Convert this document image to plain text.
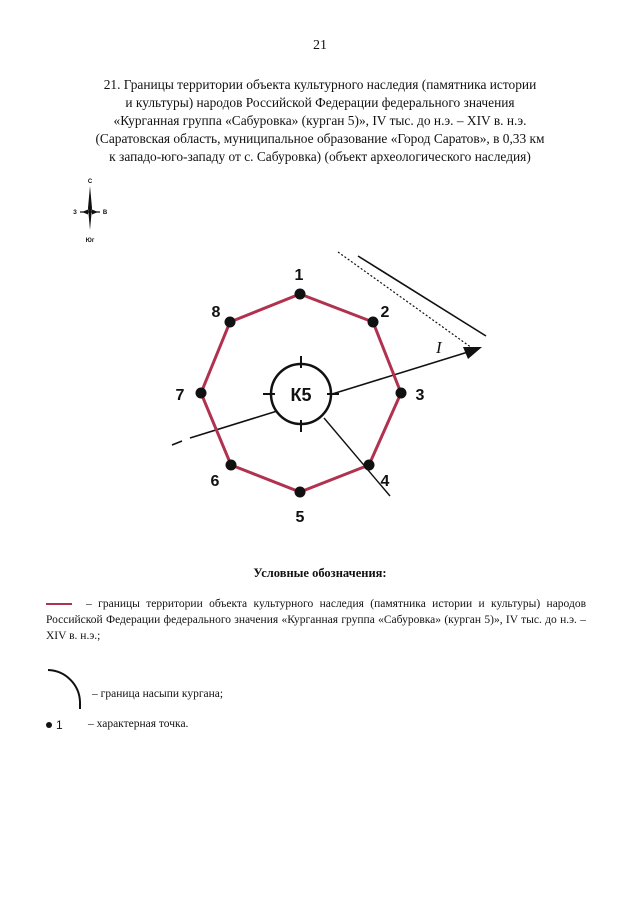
21
21. Границы территории объекта культурного наследия (памятника истории
и культуры) народов Российской Федерации федерального значения
«Курганная группа «Сабуровка» (курган 5)», IV тыс. до н.э. – XIV в. н.э.
(Саратовская область, муниципальное образование «Город Саратов», в 0,33 км
к западо-юго-западу от с. Сабуровка) (объект археологического наследия)
С
З	В
Юг
I
К5
1
2
3
4
5
6
7
8
Условные обозначения:
– границы территории объекта культурного наследия (памятника истории и культуры) народов Российской Федерации федерального значения «Курганная группа «Сабуровка» (курган 5)», IV тыс. до н.э. – XIV в. н.э.;
– граница насыпи кургана;
1 – характерная точка.
